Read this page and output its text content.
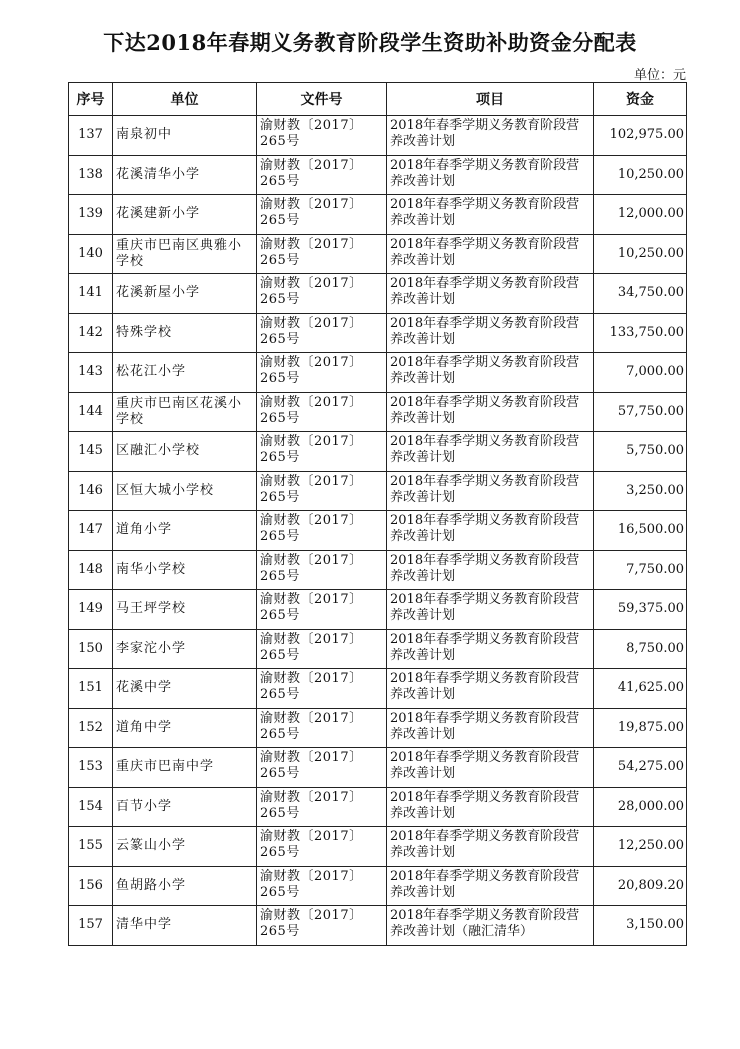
下达2018年春期义务教育阶段学生资助补助资金分配表
单位：元
序号	单位	文件号	项目	资金
137	南泉初中	渝财教〔2017〕265号	2018年春季学期义务教育阶段营养改善计划	102,975.00
138	花溪清华小学	渝财教〔2017〕265号	2018年春季学期义务教育阶段营养改善计划	10,250.00
139	花溪建新小学	渝财教〔2017〕265号	2018年春季学期义务教育阶段营养改善计划	12,000.00
140	重庆市巴南区典雅小学校	渝财教〔2017〕265号	2018年春季学期义务教育阶段营养改善计划	10,250.00
141	花溪新屋小学	渝财教〔2017〕265号	2018年春季学期义务教育阶段营养改善计划	34,750.00
142	特殊学校	渝财教〔2017〕265号	2018年春季学期义务教育阶段营养改善计划	133,750.00
143	松花江小学	渝财教〔2017〕265号	2018年春季学期义务教育阶段营养改善计划	7,000.00
144	重庆市巴南区花溪小学校	渝财教〔2017〕265号	2018年春季学期义务教育阶段营养改善计划	57,750.00
145	区融汇小学校	渝财教〔2017〕265号	2018年春季学期义务教育阶段营养改善计划	5,750.00
146	区恒大城小学校	渝财教〔2017〕265号	2018年春季学期义务教育阶段营养改善计划	3,250.00
147	道角小学	渝财教〔2017〕265号	2018年春季学期义务教育阶段营养改善计划	16,500.00
148	南华小学校	渝财教〔2017〕265号	2018年春季学期义务教育阶段营养改善计划	7,750.00
149	马王坪学校	渝财教〔2017〕265号	2018年春季学期义务教育阶段营养改善计划	59,375.00
150	李家沱小学	渝财教〔2017〕265号	2018年春季学期义务教育阶段营养改善计划	8,750.00
151	花溪中学	渝财教〔2017〕265号	2018年春季学期义务教育阶段营养改善计划	41,625.00
152	道角中学	渝财教〔2017〕265号	2018年春季学期义务教育阶段营养改善计划	19,875.00
153	重庆市巴南中学	渝财教〔2017〕265号	2018年春季学期义务教育阶段营养改善计划	54,275.00
154	百节小学	渝财教〔2017〕265号	2018年春季学期义务教育阶段营养改善计划	28,000.00
155	云篆山小学	渝财教〔2017〕265号	2018年春季学期义务教育阶段营养改善计划	12,250.00
156	鱼胡路小学	渝财教〔2017〕265号	2018年春季学期义务教育阶段营养改善计划	20,809.20
157	清华中学	渝财教〔2017〕265号	2018年春季学期义务教育阶段营养改善计划（融汇清华）	3,150.00
